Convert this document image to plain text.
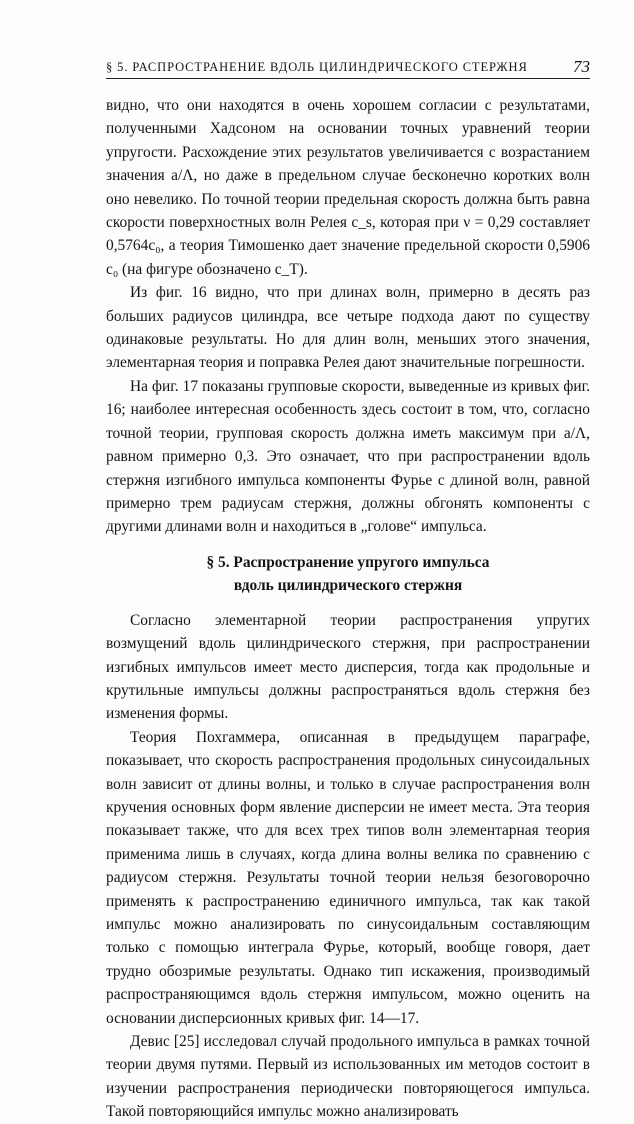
§ 5. РАСПРОСТРАНЕНИЕ ВДОЛЬ ЦИЛИНДРИЧЕСКОГО СТЕРЖНЯ	73

видно, что они находятся в очень хорошем согласии с результатами, полученными Хадсоном на основании точных уравнений теории упругости. Расхождение этих результатов увеличивается с возрастанием значения a/Λ, но даже в предельном случае бесконечно коротких волн оно невелико. По точной теории предельная скорость должна быть равна скорости поверхностных волн Релея c_s, которая при ν = 0,29 составляет 0,5764c₀, а теория Тимошенко дает значение предельной скорости 0,5906 c₀ (на фигуре обозначено c_T).

Из фиг. 16 видно, что при длинах волн, примерно в десять раз больших радиусов цилиндра, все четыре подхода дают по существу одинаковые результаты. Но для длин волн, меньших этого значения, элементарная теория и поправка Релея дают значительные погрешности.

На фиг. 17 показаны групповые скорости, выведенные из кривых фиг. 16; наиболее интересная особенность здесь состоит в том, что, согласно точной теории, групповая скорость должна иметь максимум при a/Λ, равном примерно 0,3. Это означает, что при распространении вдоль стержня изгибного импульса компоненты Фурье с длиной волн, равной примерно трем радиусам стержня, должны обгонять компоненты с другими длинами волн и находиться в „голове“ импульса.

§ 5. Распространение упругого импульса
вдоль цилиндрического стержня

Согласно элементарной теории распространения упругих возмущений вдоль цилиндрического стержня, при распространении изгибных импульсов имеет место дисперсия, тогда как продольные и крутильные импульсы должны распространяться вдоль стержня без изменения формы.

Теория Похгаммера, описанная в предыдущем параграфе, показывает, что скорость распространения продольных синусоидальных волн зависит от длины волны, и только в случае распространения волн кручения основных форм явление дисперсии не имеет места. Эта теория показывает также, что для всех трех типов волн элементарная теория применима лишь в случаях, когда длина волны велика по сравнению с радиусом стержня. Результаты точной теории нельзя безоговорочно применять к распространению единичного импульса, так как такой импульс можно анализировать по синусоидальным составляющим только с помощью интеграла Фурье, который, вообще говоря, дает трудно обозримые результаты. Однако тип искажения, производимый распространяющимся вдоль стержня импульсом, можно оценить на основании дисперсионных кривых фиг. 14—17.

Девис [25] исследовал случай продольного импульса в рамках точной теории двумя путями. Первый из использованных им методов состоит в изучении распространения периодически повторяющегося импульса. Такой повторяющийся импульс можно анализировать
